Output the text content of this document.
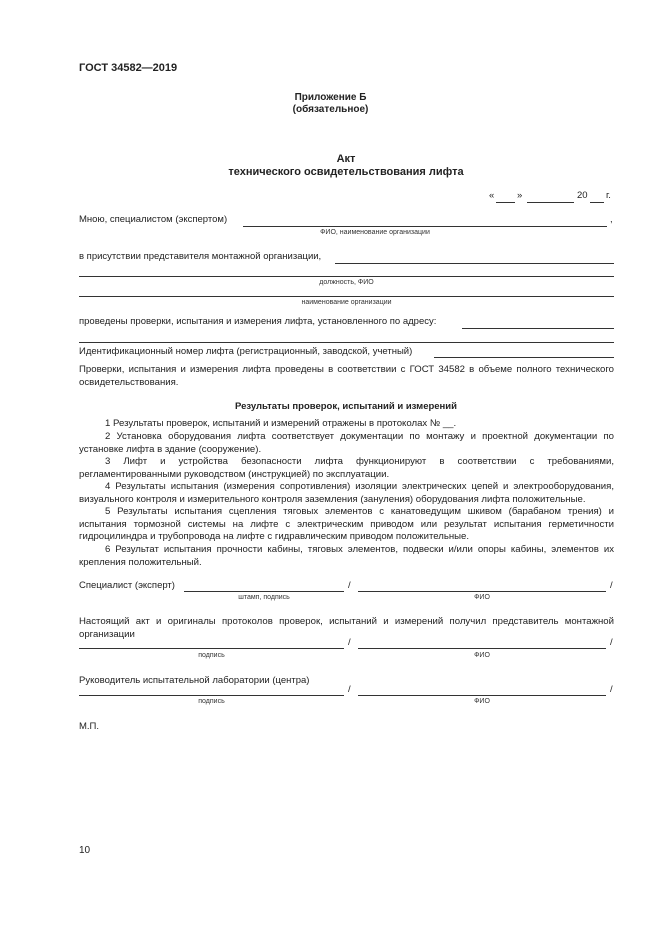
ГОСТ 34582—2019
Приложение Б
(обязательное)
Акт
технического освидетельствования лифта
« »	20 г.
Мною, специалистом (экспертом)	,
ФИО, наименование организации
в присутствии представителя монтажной организации,
должность, ФИО
наименование организации
проведены проверки, испытания и измерения лифта, установленного по адресу:
Идентификационный номер лифта (регистрационный, заводской, учетный)
Проверки, испытания и измерения лифта проведены в соответствии с ГОСТ 34582 в объеме полного технического освидетельствования.
Результаты проверок, испытаний и измерений
1 Результаты проверок, испытаний и измерений отражены в протоколах № __.
2 Установка оборудования лифта соответствует документации по монтажу и проектной документации по установке лифта в здание (сооружение).
3 Лифт и устройства безопасности лифта функционируют в соответствии с требованиями, регламентированными руководством (инструкцией) по эксплуатации.
4 Результаты испытания (измерения сопротивления) изоляции электрических цепей и электрооборудования, визуального контроля и измерительного контроля заземления (зануления) оборудования лифта положительные.
5 Результаты испытания сцепления тяговых элементов с канатоведущим шкивом (барабаном трения) и испытания тормозной системы на лифте с электрическим приводом или результат испытания герметичности гидроцилиндра и трубопровода на лифте с гидравлическим приводом положительные.
6 Результат испытания прочности кабины, тяговых элементов, подвески и/или опоры кабины, элементов их крепления положительный.
Специалист (эксперт)	/	/
штамп, подпись	ФИО
Настоящий акт и оригиналы протоколов проверок, испытаний и измерений получил представитель монтажной организации
/	/
подпись	ФИО
Руководитель испытательной лаборатории (центра)
/	/
подпись	ФИО
М.П.
10
